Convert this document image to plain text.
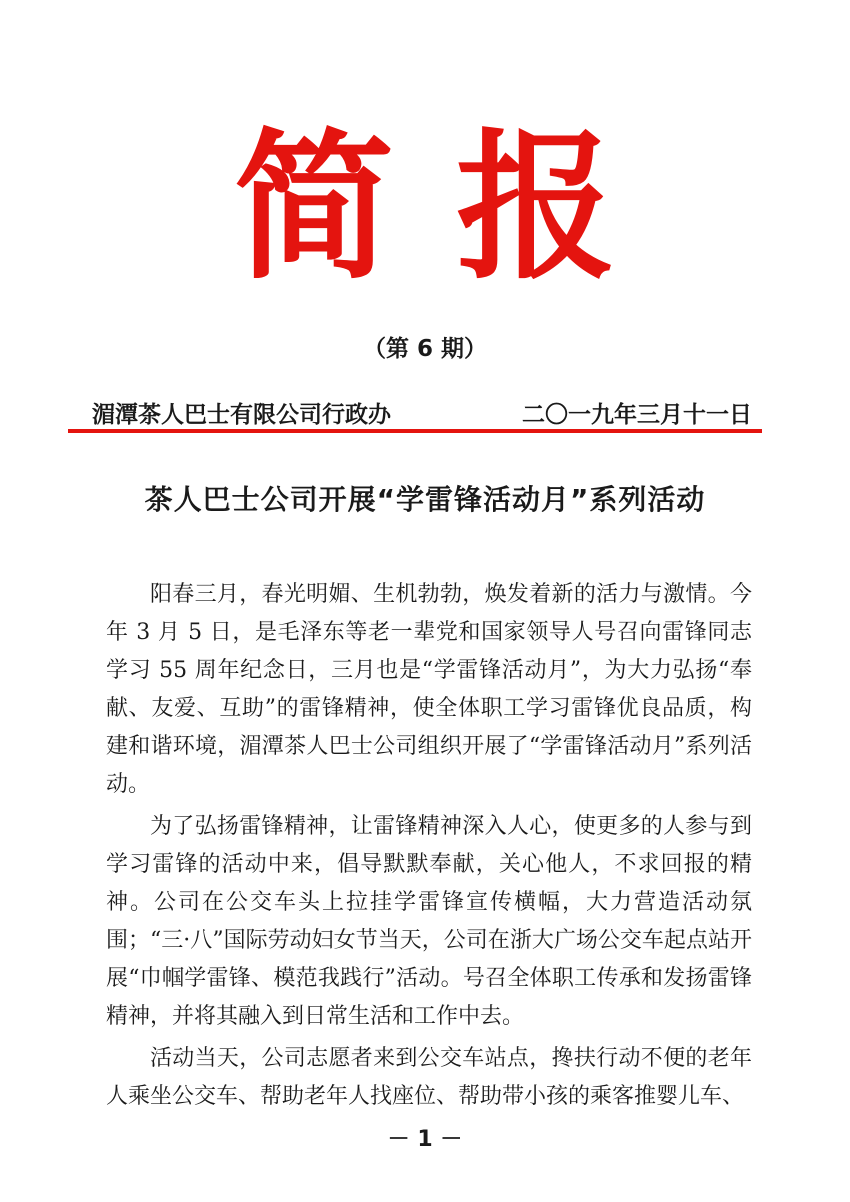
简报
（第 6 期）
湄潭茶人巴士有限公司行政办	二〇一九年三月十一日
茶人巴士公司开展“学雷锋活动月”系列活动

阳春三月，春光明媚、生机勃勃，焕发着新的活力与激情。今年 3 月 5 日，是毛泽东等老一辈党和国家领导人号召向雷锋同志学习 55 周年纪念日，三月也是“学雷锋活动月”，为大力弘扬“奉献、友爱、互助”的雷锋精神，使全体职工学习雷锋优良品质，构建和谐环境，湄潭茶人巴士公司组织开展了“学雷锋活动月”系列活动。

为了弘扬雷锋精神，让雷锋精神深入人心，使更多的人参与到学习雷锋的活动中来，倡导默默奉献，关心他人，不求回报的精神。公司在公交车头上拉挂学雷锋宣传横幅，大力营造活动氛围；“三·八”国际劳动妇女节当天，公司在浙大广场公交车起点站开展“巾帼学雷锋、模范我践行”活动。号召全体职工传承和发扬雷锋精神，并将其融入到日常生活和工作中去。

活动当天，公司志愿者来到公交车站点，搀扶行动不便的老年人乘坐公交车、帮助老年人找座位、帮助带小孩的乘客推婴儿车、

－ 1 －
